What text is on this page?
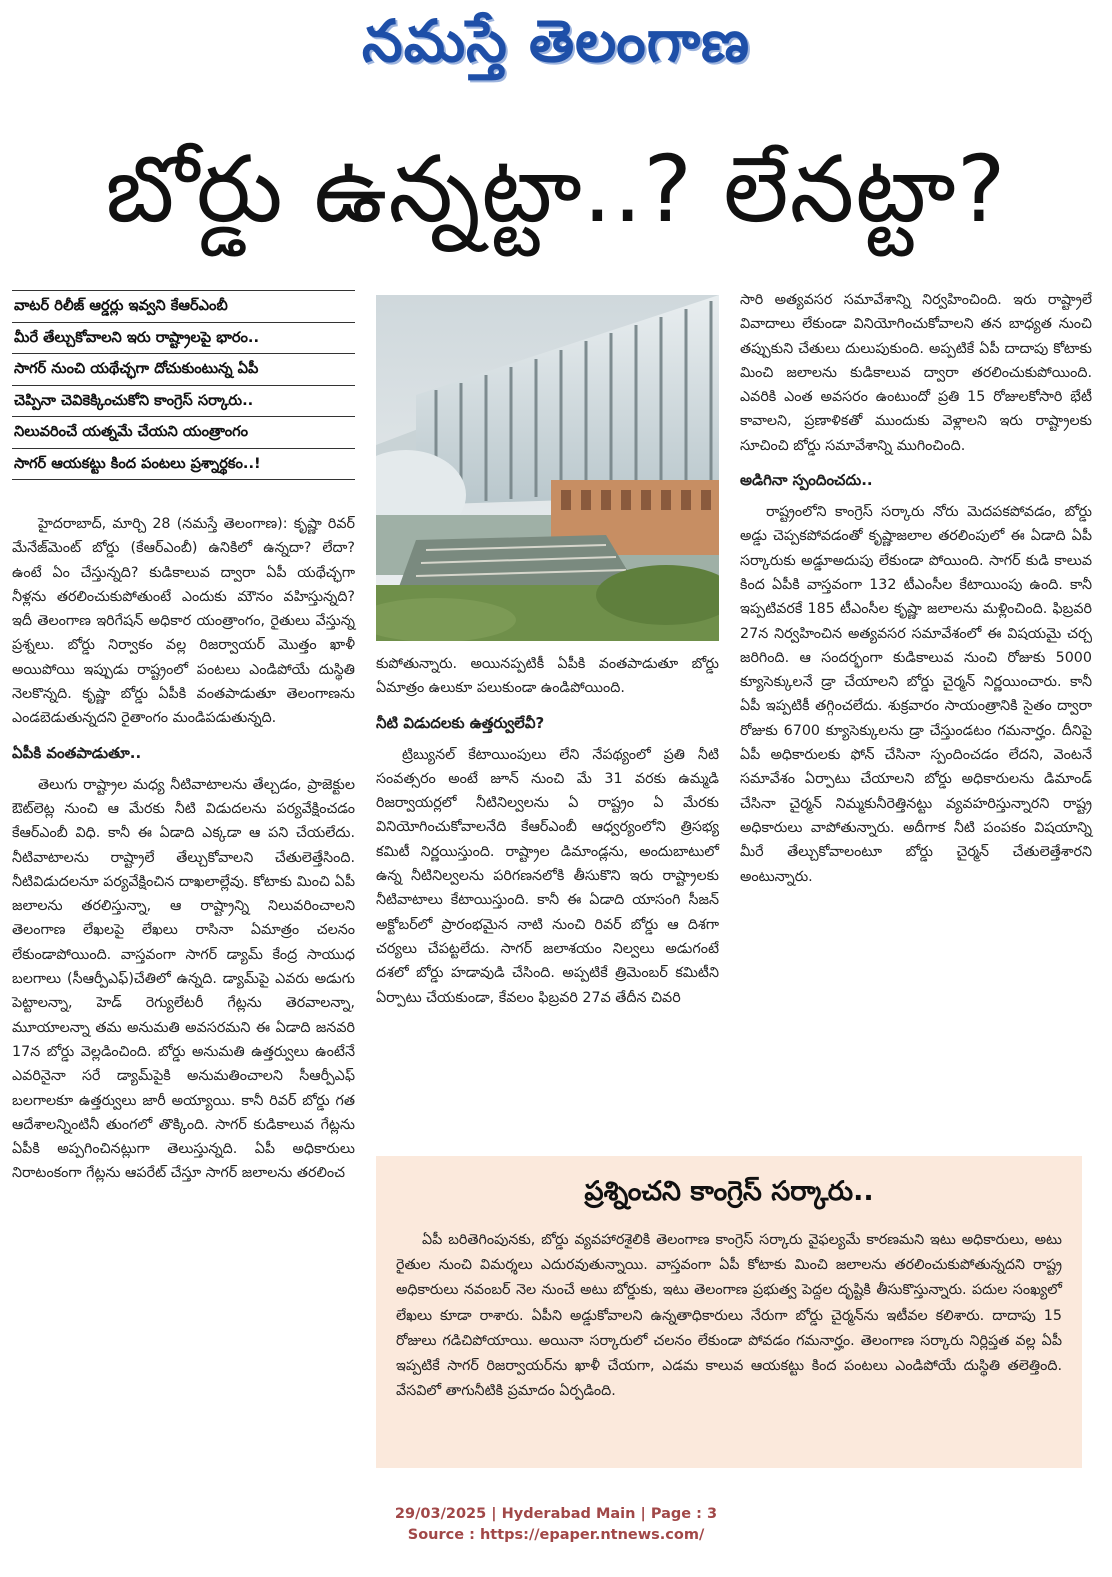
నమస్తే తెలంగాణ
బోర్డు ఉన్నట్టా..? లేనట్టా?
వాటర్ రిలీజ్ ఆర్డర్లు ఇవ్వని కేఆర్ఎంబీ
మీరే తేల్చుకోవాలని ఇరు రాష్ట్రాలపై భారం..
సాగర్ నుంచి యథేచ్ఛగా దోచుకుంటున్న ఏపీ
చెప్పినా చెవికెక్కించుకోని కాంగ్రెస్ సర్కారు..
నిలువరించే యత్నమే చేయని యంత్రాంగం
సాగర్ ఆయకట్టు కింద పంటలు ప్రశ్నార్థకం..!

హైదరాబాద్, మార్చి 28 (నమస్తే తెలంగాణ): కృష్ణా రివర్ మేనేజ్‌మెంట్ బోర్డు (కేఆర్ఎంబీ) ఉనికిలో ఉన్నదా? లేదా? ఉంటే ఏం చేస్తున్నది? కుడికాలువ ద్వారా ఏపీ యథేచ్ఛగా నీళ్లను తరలించుకుపోతుంటే ఎందుకు మౌనం వహిస్తున్నది? ఇదీ తెలంగాణ ఇరిగేషన్ అధికార యంత్రాంగం, రైతులు వేస్తున్న ప్రశ్నలు. బోర్డు నిర్వాకం వల్ల రిజర్వాయర్ మొత్తం ఖాళీ అయిపోయి ఇప్పుడు రాష్ట్రంలో పంటలు ఎండిపోయే దుస్థితి నెలకొన్నది. కృష్ణా బోర్డు ఏపీకి వంతపాడుతూ తెలంగాణను ఎండబెడుతున్నదని రైతాంగం మండిపడుతున్నది.

ఏపీకి వంతపాడుతూ..

తెలుగు రాష్ట్రాల మధ్య నీటివాటాలను తేల్చడం, ప్రాజెక్టుల ఔట్‌లెట్ల నుంచి ఆ మేరకు నీటి విడుదలను పర్యవేక్షించడం కేఆర్ఎంబీ విధి. కానీ ఈ ఏడాది ఎక్కడా ఆ పని చేయలేదు. నీటివాటాలను రాష్ట్రాలే తేల్చుకోవాలని చేతులెత్తేసింది. నీటివిడుదలనూ పర్యవేక్షించిన దాఖలాల్లేవు. కోటాకు మించి ఏపీ జలాలను తరలిస్తున్నా, ఆ రాష్ట్రాన్ని నిలువరించాలని తెలంగాణ లేఖలపై లేఖలు రాసినా ఏమాత్రం చలనం లేకుండాపోయింది. వాస్తవంగా సాగర్ డ్యామ్ కేంద్ర సాయుధ బలగాలు (సీఆర్పీఎఫ్)చేతిలో ఉన్నది. డ్యామ్‌పై ఎవరు అడుగు పెట్టాలన్నా, హెడ్ రెగ్యులేటరీ గేట్లను తెరవాలన్నా, మూయాలన్నా తమ అనుమతి అవసరమని ఈ ఏడాది జనవరి 17న బోర్డు వెల్లడించింది. బోర్డు అనుమతి ఉత్తర్వులు ఉంటేనే ఎవరినైనా సరే డ్యామ్‌పైకి అనుమతించాలని సీఆర్పీఎఫ్ బలగాలకూ ఉత్తర్వులు జారీ అయ్యాయి. కానీ రివర్ బోర్డు గత ఆదేశాలన్నింటినీ తుంగలో తొక్కింది. సాగర్ కుడికాలువ గేట్లను ఏపీకి అప్పగించినట్లుగా తెలుస్తున్నది. ఏపీ అధికారులు నిరాటంకంగా గేట్లను ఆపరేట్ చేస్తూ సాగర్ జలాలను తరలించ

కుపోతున్నారు. అయినప్పటికీ ఏపీకి వంతపాడుతూ బోర్డు ఏమాత్రం ఉలుకూ పలుకుండా ఉండిపోయింది.

నీటి విడుదలకు ఉత్తర్వులేవీ?

ట్రిబ్యునల్ కేటాయింపులు లేని నేపథ్యంలో ప్రతి నీటి సంవత్సరం అంటే జూన్ నుంచి మే 31 వరకు ఉమ్మడి రిజర్వాయర్లలో నీటినిల్వలను ఏ రాష్ట్రం ఏ మేరకు వినియోగించుకోవాలనేది కేఆర్ఎంబీ ఆధ్వర్యంలోని త్రిసభ్య కమిటీ నిర్ణయిస్తుంది. రాష్ట్రాల డిమాండ్లను, అందుబాటులో ఉన్న నీటినిల్వలను పరిగణనలోకి తీసుకొని ఇరు రాష్ట్రాలకు నీటివాటాలు కేటాయిస్తుంది. కానీ ఈ ఏడాది యాసంగి సీజన్ అక్టోబర్‌లో ప్రారంభమైన నాటి నుంచి రివర్ బోర్డు ఆ దిశగా చర్యలు చేపట్టలేదు. సాగర్ జలాశయం నిల్వలు అడుగంటే దశలో బోర్డు హడావుడి చేసింది. అప్పటికే త్రిమెంబర్ కమిటీని ఏర్పాటు చేయకుండా, కేవలం ఫిబ్రవరి 27వ తేదీన చివరి

సారి అత్యవసర సమావేశాన్ని నిర్వహించింది. ఇరు రాష్ట్రాలే వివాదాలు లేకుండా వినియోగించుకోవాలని తన బాధ్యత నుంచి తప్పుకుని చేతులు దులుపుకుంది. అప్పటికే ఏపీ దాదాపు కోటాకు మించి జలాలను కుడికాలువ ద్వారా తరలించుకుపోయింది. ఎవరికి ఎంత అవసరం ఉంటుందో ప్రతి 15 రోజులకోసారి భేటీ కావాలని, ప్రణాళికతో ముందుకు వెళ్లాలని ఇరు రాష్ట్రాలకు సూచించి బోర్డు సమావేశాన్ని ముగించింది.

అడిగినా స్పందించదు..

రాష్ట్రంలోని కాంగ్రెస్ సర్కారు నోరు మెదపకపోవడం, బోర్డు అడ్డు చెప్పకపోవడంతో కృష్ణాజలాల తరలింపులో ఈ ఏడాది ఏపీ సర్కారుకు అడ్డూఅదుపు లేకుండా పోయింది. సాగర్ కుడి కాలువ కింద ఏపీకి వాస్తవంగా 132 టీఎంసీల కేటాయింపు ఉంది. కానీ ఇప్పటివరకే 185 టీఎంసీల కృష్ణా జలాలను మళ్లించింది. ఫిబ్రవరి 27న నిర్వహించిన అత్యవసర సమావేశంలో ఈ విషయమై చర్చ జరిగింది. ఆ సందర్భంగా కుడికాలువ నుంచి రోజుకు 5000 క్యూసెక్కులనే డ్రా చేయాలని బోర్డు చైర్మన్ నిర్ణయించారు. కానీ ఏపీ ఇప్పటికీ తగ్గించలేదు. శుక్రవారం సాయంత్రానికి సైతం ద్వారా రోజుకు 6700 క్యూసెక్కులను డ్రా చేస్తుండటం గమనార్హం. దీనిపై ఏపీ అధికారులకు ఫోన్ చేసినా స్పందించడం లేదని, వెంటనే సమావేశం ఏర్పాటు చేయాలని బోర్డు అధికారులను డిమాండ్ చేసినా చైర్మన్ నిమ్మకునీరెత్తినట్టు వ్యవహరిస్తున్నారని రాష్ట్ర అధికారులు వాపోతున్నారు. అదీగాక నీటి పంపకం విషయాన్ని మీరే తేల్చుకోవాలంటూ బోర్డు చైర్మన్ చేతులెత్తేశారని అంటున్నారు.

ప్రశ్నించని కాంగ్రెస్ సర్కారు..

ఏపీ బరితెగింపునకు, బోర్డు వ్యవహారశైలికి తెలంగాణ కాంగ్రెస్ సర్కారు వైఫల్యమే కారణమని ఇటు అధికారులు, అటు రైతుల నుంచి విమర్శలు ఎదురవుతున్నాయి. వాస్తవంగా ఏపీ కోటాకు మించి జలాలను తరలించుకుపోతున్నదని రాష్ట్ర అధికారులు నవంబర్ నెల నుంచే అటు బోర్డుకు, ఇటు తెలంగాణ ప్రభుత్వ పెద్దల దృష్టికి తీసుకొస్తున్నారు. పదుల సంఖ్యలో లేఖలు కూడా రాశారు. ఏపీని అడ్డుకోవాలని ఉన్నతాధికారులు నేరుగా బోర్డు చైర్మన్‌ను ఇటీవల కలిశారు. దాదాపు 15 రోజులు గడిచిపోయాయి. అయినా సర్కారులో చలనం లేకుండా పోవడం గమనార్హం. తెలంగాణ సర్కారు నిర్లిప్తత వల్ల ఏపీ ఇప్పటికే సాగర్ రిజర్వాయర్‌ను ఖాళీ చేయగా, ఎడమ కాలువ ఆయకట్టు కింద పంటలు ఎండిపోయే దుస్థితి తలెత్తింది. వేసవిలో తాగునీటికి ప్రమాదం ఏర్పడింది.

29/03/2025 | Hyderabad Main | Page : 3
Source : https://epaper.ntnews.com/
